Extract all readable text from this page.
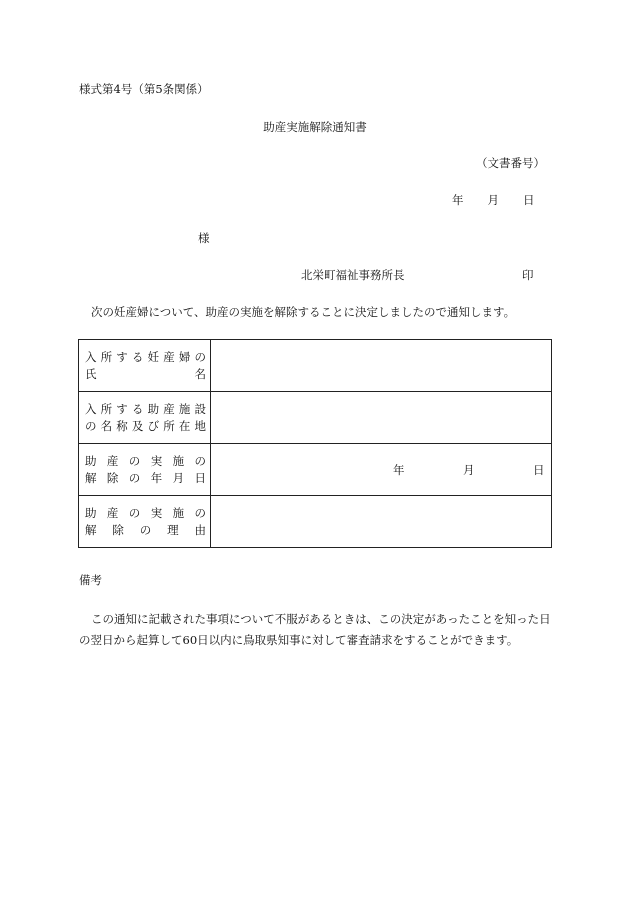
様式第4号（第5条関係）
助産実施解除通知書
（文書番号）
年 月 日
様
北栄町福祉事務所長	印
次の妊産婦について、助産の実施を解除することに決定しましたので通知します。
入所する妊産婦の
氏名	

入所する助産施設
の名称及び所在地	

助産の実施の
解除の年月日	年 月 日

助産の実施の
解除の理由	

備考
この通知に記載された事項について不服があるときは、この決定があったことを知った日の翌日から起算して60日以内に鳥取県知事に対して審査請求をすることができます。
